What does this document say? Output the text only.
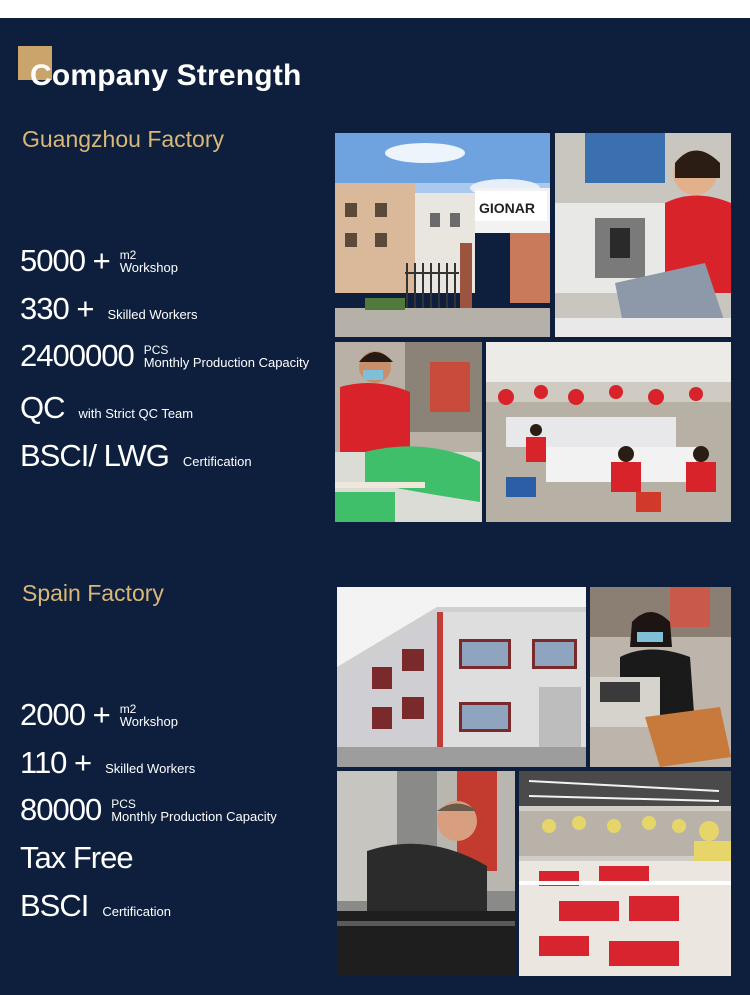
Company Strength
Guangzhou Factory
5000 + m2
Workshop
330 + Skilled Workers
2400000 PCS
Monthly Production Capacity
QC with Strict QC Team
BSCI/ LWG Certification
GIONAR
Spain Factory
2000 + m2
Workshop
110 + Skilled Workers
80000 PCS
Monthly Production Capacity
Tax Free
BSCI Certification
